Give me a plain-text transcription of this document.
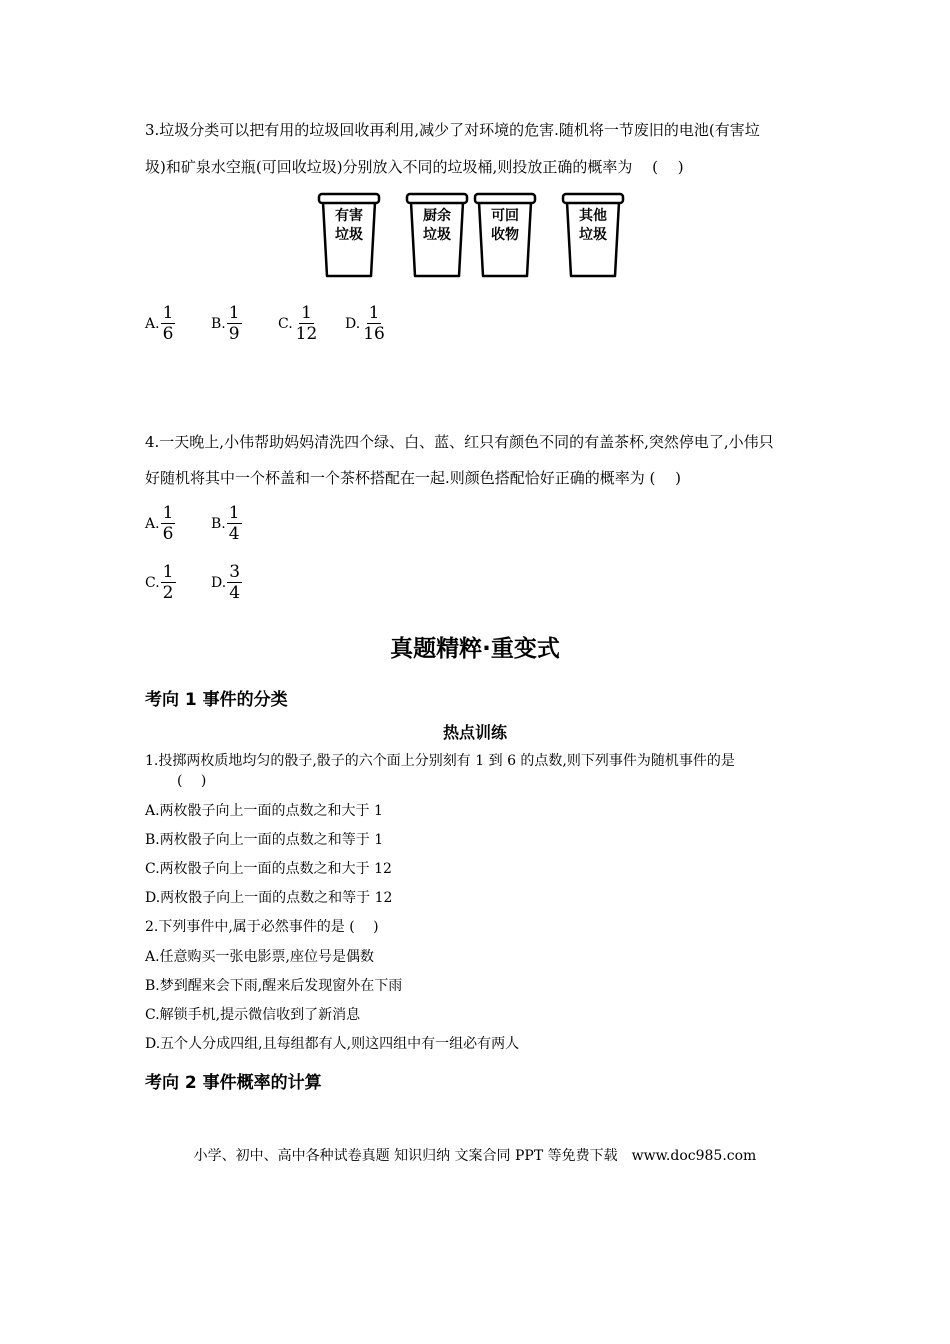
3.垃圾分类可以把有用的垃圾回收再利用,减少了对环境的危害.随机将一节废旧的电池(有害垃
圾)和矿泉水空瓶(可回收垃圾)分别放入不同的垃圾桶,则投放正确的概率为　 (　 )
有害
垃圾
厨余
垃圾
可回
收物
其他
垃圾
A. $\frac{1}{6}$	B. $\frac{1}{9}$	C. $\frac{1}{12} D$. $\frac{1}{16}$
4.一天晚上,小伟帮助妈妈清洗四个绿、白、蓝、红只有颜色不同的有盖茶杯,突然停电了,小伟只
好随机将其中一个杯盖和一个茶杯搭配在一起.则颜色搭配恰好正确的概率为 (　 )
A. $\frac{1}{6}$	B. $\frac{1}{4}$
C. $\frac{1}{2}$	D. $\frac{3}{4}$
真题精粹·重变式
考向 1 事件的分类
热点训练
1.投掷两枚质地均匀的骰子,骰子的六个面上分别刻有 1 到 6 的点数,则下列事件为随机事件的是
(　 )
A.两枚骰子向上一面的点数之和大于 1
B.两枚骰子向上一面的点数之和等于 1
C.两枚骰子向上一面的点数之和大于 12
D.两枚骰子向上一面的点数之和等于 12
2.下列事件中,属于必然事件的是 (　 )
A.任意购买一张电影票,座位号是偶数
B.梦到醒来会下雨,醒来后发现窗外在下雨
C.解锁手机,提示微信收到了新消息
D.五个人分成四组,且每组都有人,则这四组中有一组必有两人
考向 2 事件概率的计算
小学、初中、高中各种试卷真题 知识归纳 文案合同 PPT 等免费下载　www.doc985.com
